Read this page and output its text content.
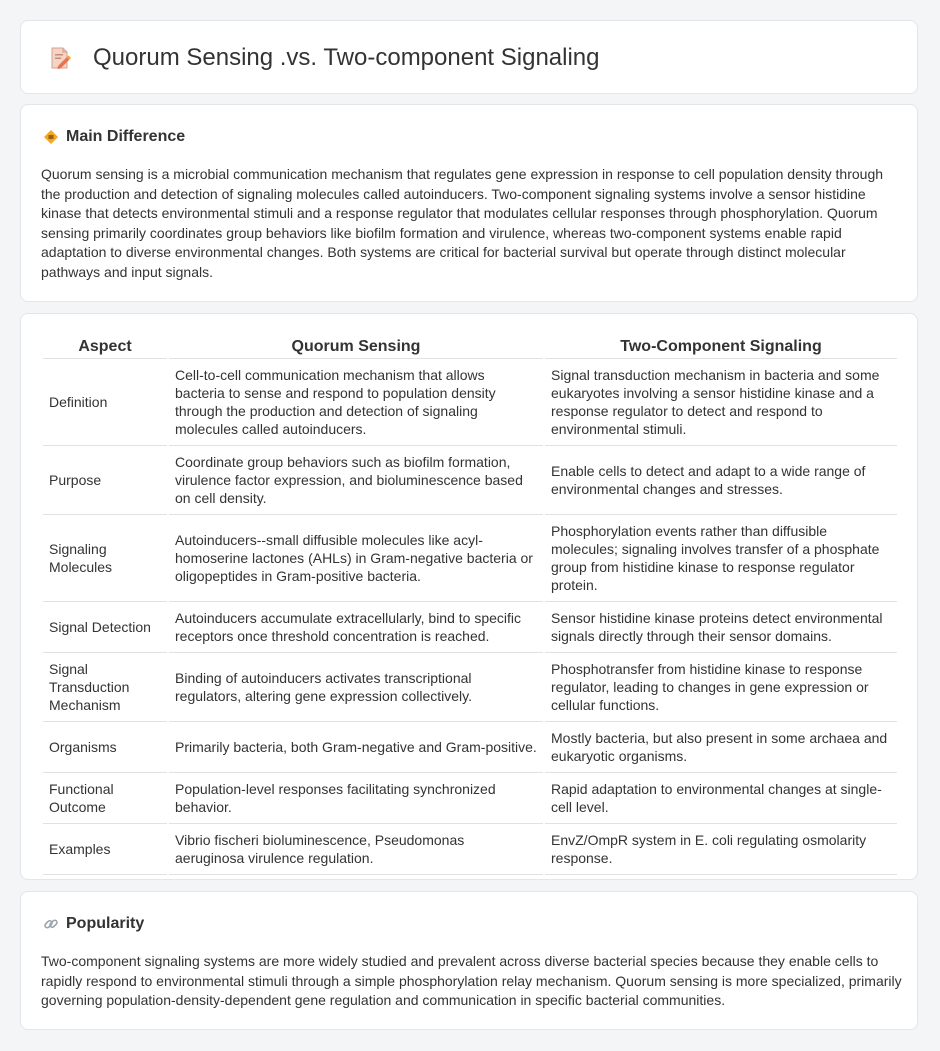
Quorum Sensing .vs. Two-component Signaling
Main Difference

Quorum sensing is a microbial communication mechanism that regulates gene expression in response to cell population density through the production and detection of signaling molecules called autoinducers. Two-component signaling systems involve a sensor histidine kinase that detects environmental stimuli and a response regulator that modulates cellular responses through phosphorylation. Quorum sensing primarily coordinates group behaviors like biofilm formation and virulence, whereas two-component systems enable rapid adaptation to diverse environmental changes. Both systems are critical for bacterial survival but operate through distinct molecular pathways and input signals.

Aspect	Quorum Sensing	Two-Component Signaling
Definition	Cell-to-cell communication mechanism that allows bacteria to sense and respond to population density through the production and detection of signaling molecules called autoinducers.	Signal transduction mechanism in bacteria and some eukaryotes involving a sensor histidine kinase and a response regulator to detect and respond to environmental stimuli.
Purpose	Coordinate group behaviors such as biofilm formation, virulence factor expression, and bioluminescence based on cell density.	Enable cells to detect and adapt to a wide range of environmental changes and stresses.
Signaling Molecules	Autoinducers--small diffusible molecules like acyl-homoserine lactones (AHLs) in Gram-negative bacteria or oligopeptides in Gram-positive bacteria.	Phosphorylation events rather than diffusible molecules; signaling involves transfer of a phosphate group from histidine kinase to response regulator protein.
Signal Detection	Autoinducers accumulate extracellularly, bind to specific receptors once threshold concentration is reached.	Sensor histidine kinase proteins detect environmental signals directly through their sensor domains.
Signal Transduction Mechanism	Binding of autoinducers activates transcriptional regulators, altering gene expression collectively.	Phosphotransfer from histidine kinase to response regulator, leading to changes in gene expression or cellular functions.
Organisms	Primarily bacteria, both Gram-negative and Gram-positive.	Mostly bacteria, but also present in some archaea and eukaryotic organisms.
Functional Outcome	Population-level responses facilitating synchronized behavior.	Rapid adaptation to environmental changes at single-cell level.
Examples	Vibrio fischeri bioluminescence, Pseudomonas aeruginosa virulence regulation.	EnvZ/OmpR system in E. coli regulating osmolarity response.
Popularity

Two-component signaling systems are more widely studied and prevalent across diverse bacterial species because they enable cells to rapidly respond to environmental stimuli through a simple phosphorylation relay mechanism. Quorum sensing is more specialized, primarily governing population-density-dependent gene regulation and communication in specific bacterial communities.
